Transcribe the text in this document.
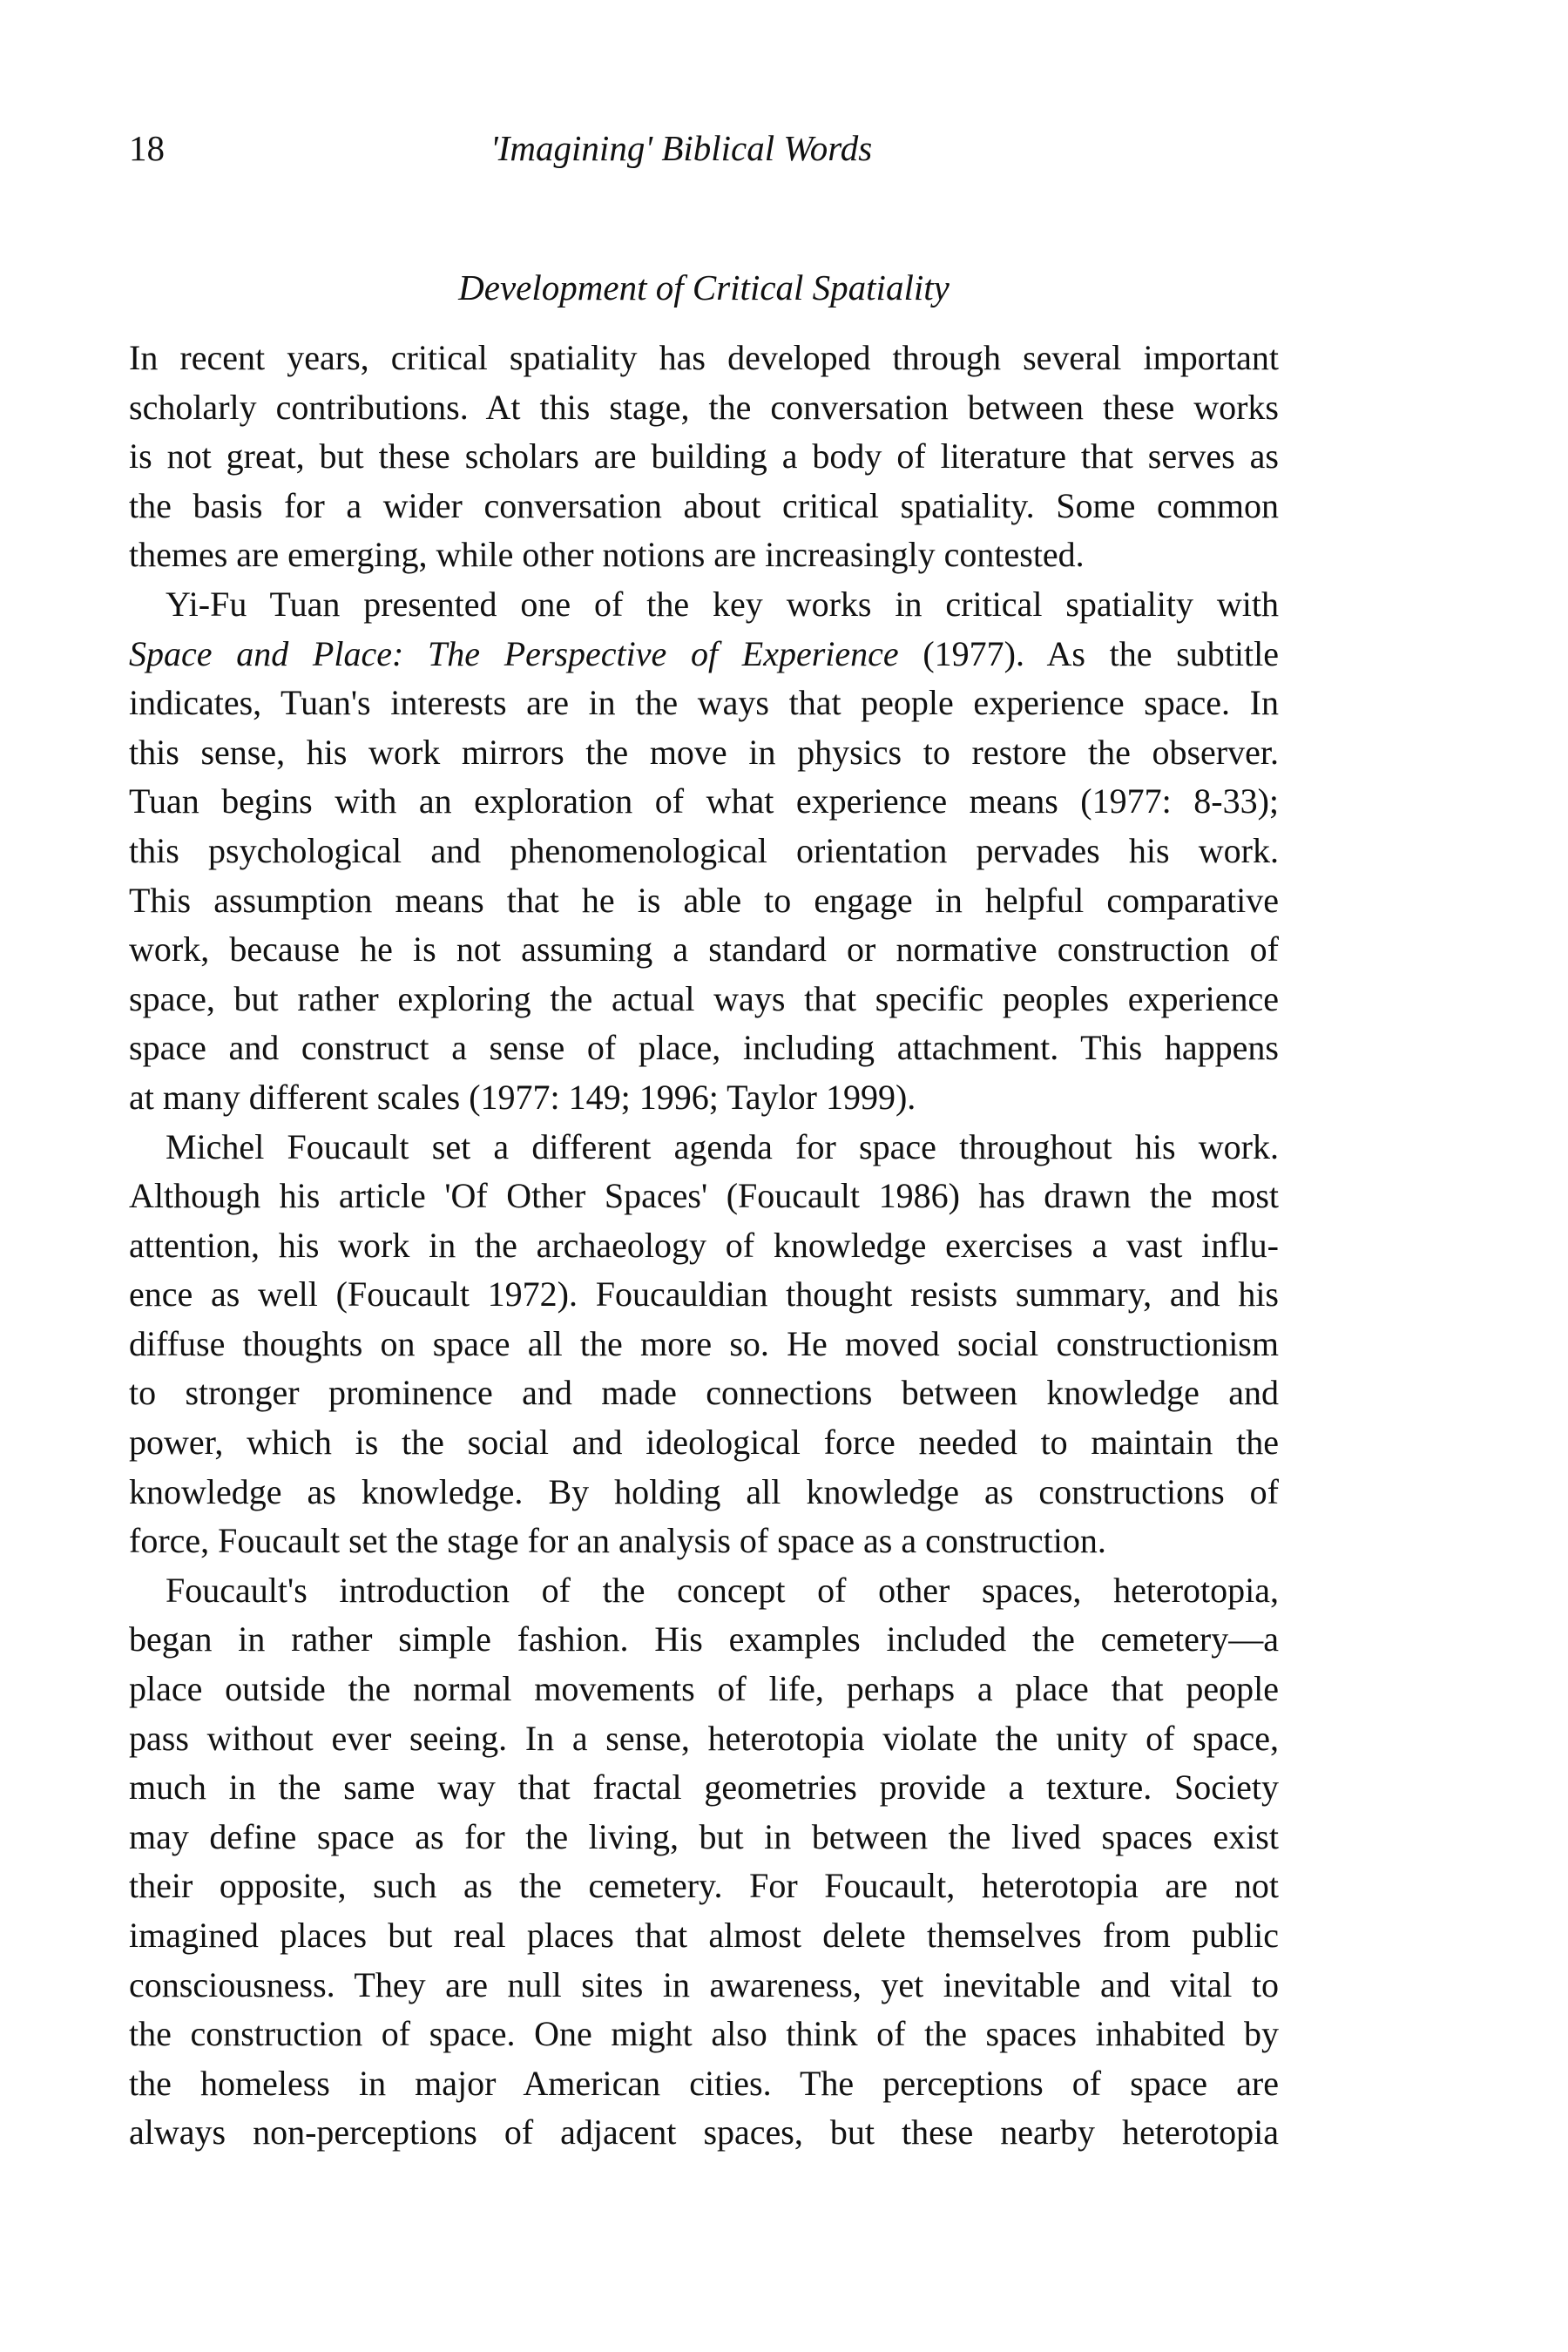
18	'Imagining' Biblical Words
Development of Critical Spatiality
In recent years, critical spatiality has developed through several important
scholarly contributions. At this stage, the conversation between these works
is not great, but these scholars are building a body of literature that serves as
the basis for a wider conversation about critical spatiality. Some common
themes are emerging, while other notions are increasingly contested.
Yi-Fu Tuan presented one of the key works in critical spatiality with
Space and Place: The Perspective of Experience (1977). As the subtitle
indicates, Tuan's interests are in the ways that people experience space. In
this sense, his work mirrors the move in physics to restore the observer.
Tuan begins with an exploration of what experience means (1977: 8-33);
this psychological and phenomenological orientation pervades his work.
This assumption means that he is able to engage in helpful comparative
work, because he is not assuming a standard or normative construction of
space, but rather exploring the actual ways that specific peoples experience
space and construct a sense of place, including attachment. This happens
at many different scales (1977: 149; 1996; Taylor 1999).
Michel Foucault set a different agenda for space throughout his work.
Although his article 'Of Other Spaces' (Foucault 1986) has drawn the most
attention, his work in the archaeology of knowledge exercises a vast influ-
ence as well (Foucault 1972). Foucauldian thought resists summary, and his
diffuse thoughts on space all the more so. He moved social constructionism
to stronger prominence and made connections between knowledge and
power, which is the social and ideological force needed to maintain the
knowledge as knowledge. By holding all knowledge as constructions of
force, Foucault set the stage for an analysis of space as a construction.
Foucault's introduction of the concept of other spaces, heterotopia,
began in rather simple fashion. His examples included the cemetery—a
place outside the normal movements of life, perhaps a place that people
pass without ever seeing. In a sense, heterotopia violate the unity of space,
much in the same way that fractal geometries provide a texture. Society
may define space as for the living, but in between the lived spaces exist
their opposite, such as the cemetery. For Foucault, heterotopia are not
imagined places but real places that almost delete themselves from public
consciousness. They are null sites in awareness, yet inevitable and vital to
the construction of space. One might also think of the spaces inhabited by
the homeless in major American cities. The perceptions of space are
always non-perceptions of adjacent spaces, but these nearby heterotopia
